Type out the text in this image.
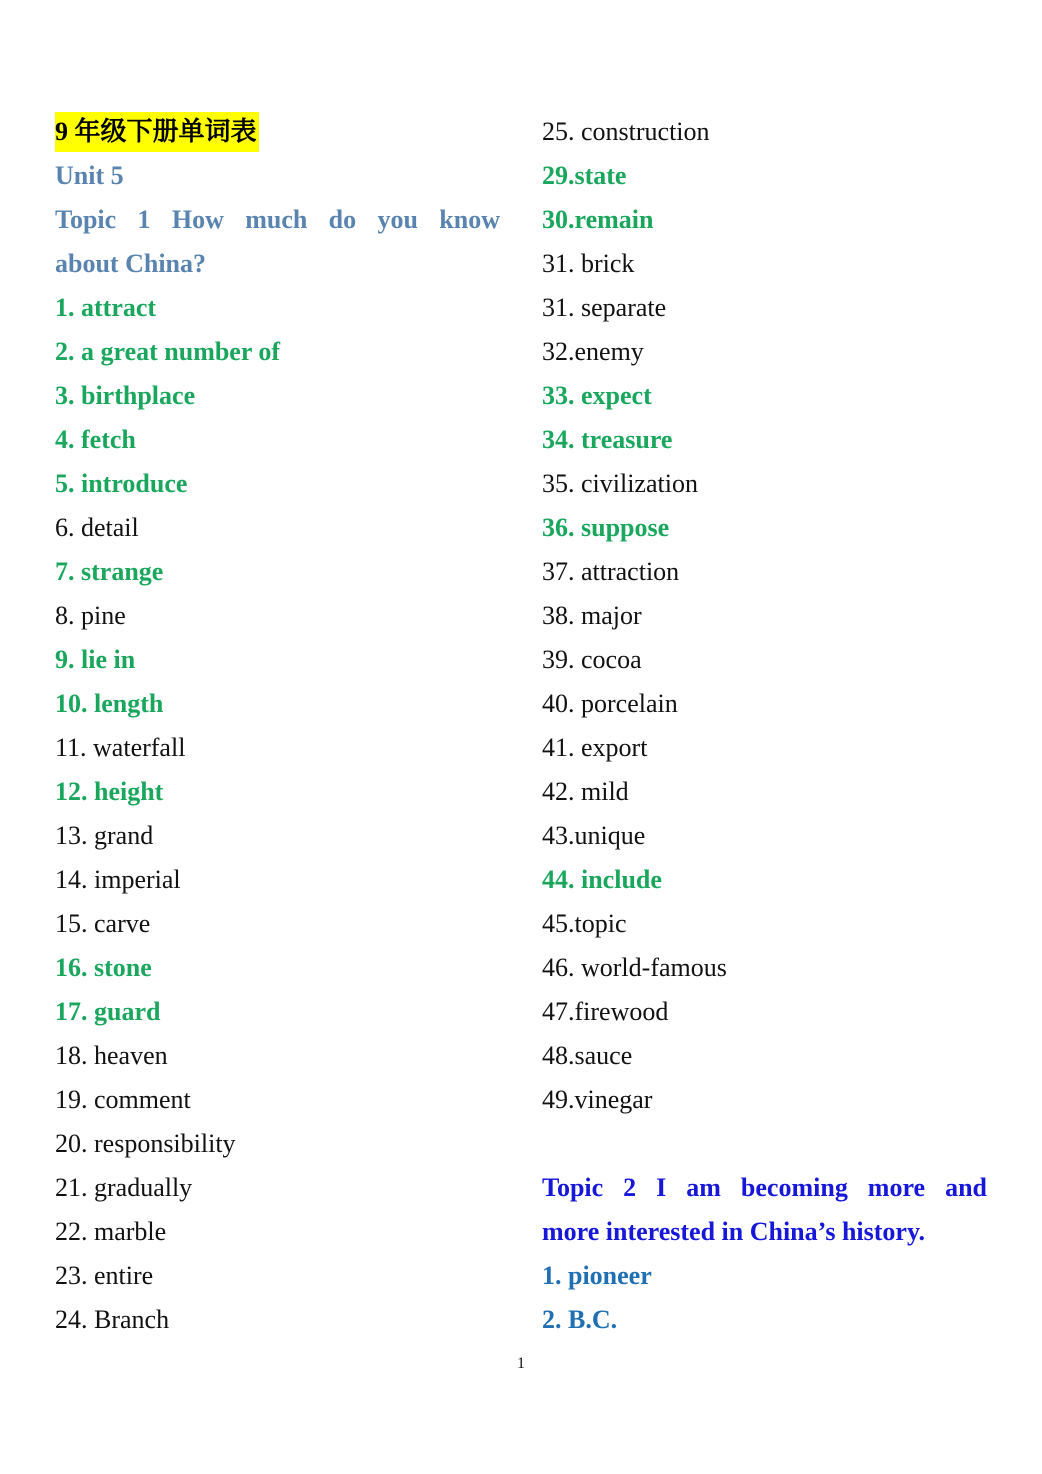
9 年级下册单词表
Unit 5
Topic 1 How much do you know
about China?
1. attract
2. a great number of
3. birthplace
4. fetch
5. introduce
6. detail
7. strange
8. pine
9. lie in
10. length
11. waterfall
12. height
13. grand
14. imperial
15. carve
16. stone
17. guard
18. heaven
19. comment
20. responsibility
21. gradually
22. marble
23. entire
24. Branch
25. construction
29.state
30.remain
31. brick
31. separate
32.enemy
33. expect
34. treasure
35. civilization
36. suppose
37. attraction
38. major
39. cocoa
40. porcelain
41. export
42. mild
43.unique
44. include
45.topic
46. world-famous
47.firewood
48.sauce
49.vinegar
Topic 2 I am becoming more and
more interested in China’s history.
1. pioneer
2. B.C.
1
